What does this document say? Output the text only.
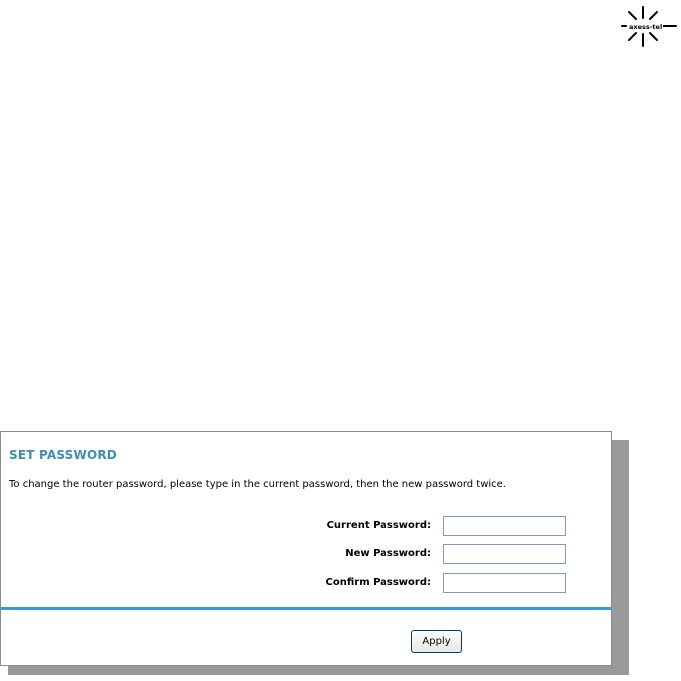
axess-tel
SET PASSWORD
To change the router password, please type in the current password, then the new password twice.
Current Password:
New Password:
Confirm Password:
Apply
